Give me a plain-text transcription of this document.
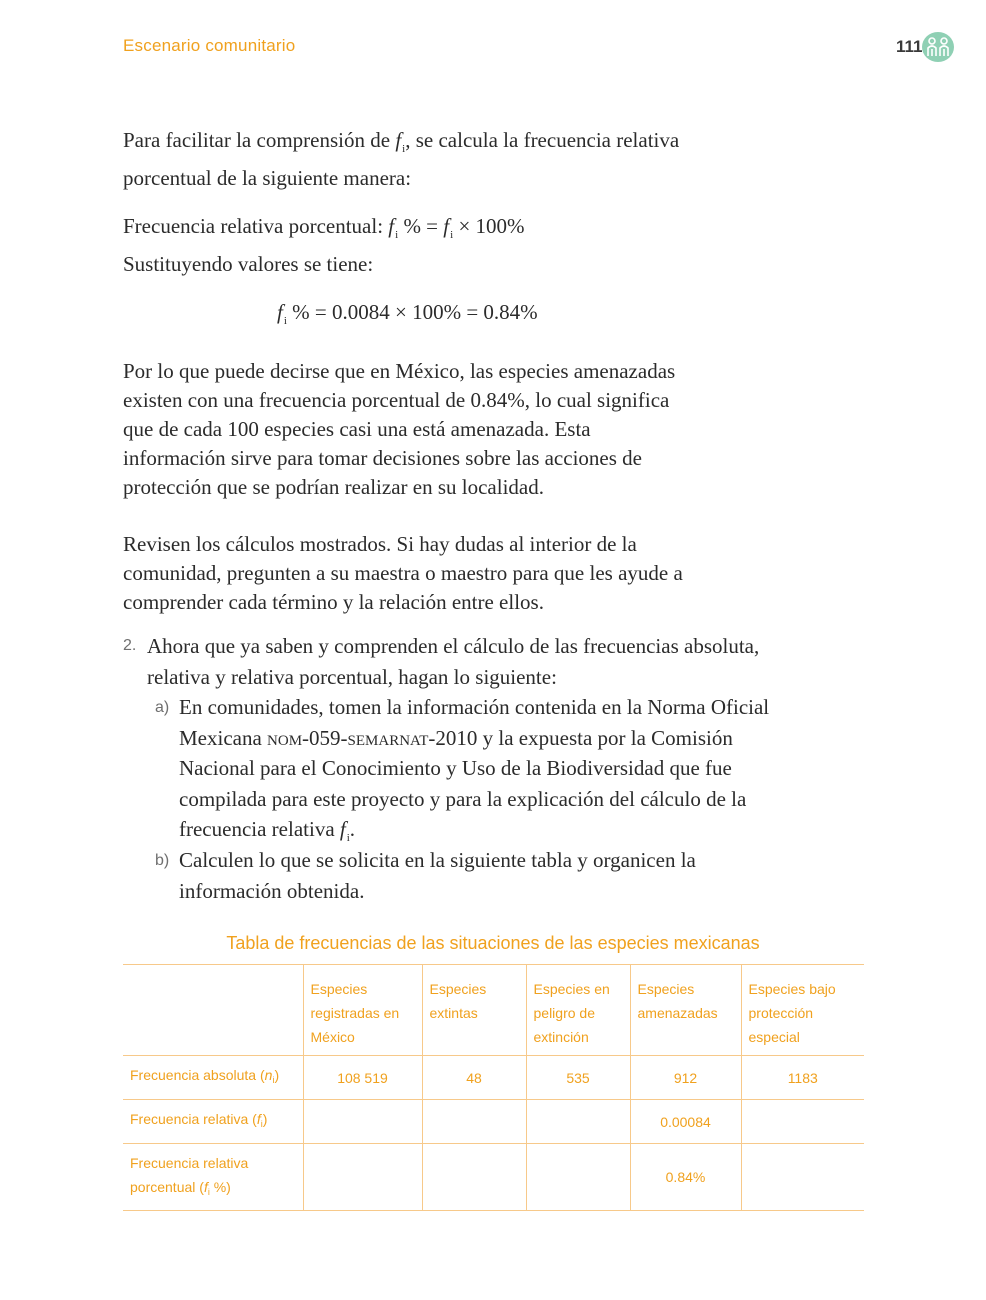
Escenario comunitario	111

Para facilitar la comprensión de $f_i$, se calcula la frecuencia relativa porcentual de la siguiente manera:

Frecuencia relativa porcentual: $f_i$ % = $f_i \times 100\%$
Sustituyendo valores se tiene:

$f_i$ % = 0.0084 × 100% = 0.84%

Por lo que puede decirse que en México, las especies amenazadas existen con una frecuencia porcentual de 0.84%, lo cual significa que de cada 100 especies casi una está amenazada. Esta información sirve para tomar decisiones sobre las acciones de protección que se podrían realizar en su localidad.

Revisen los cálculos mostrados. Si hay dudas al interior de la comunidad, pregunten a su maestra o maestro para que les ayude a comprender cada término y la relación entre ellos.

2. Ahora que ya saben y comprenden el cálculo de las frecuencias absoluta, relativa y relativa porcentual, hagan lo siguiente:

a) En comunidades, tomen la información contenida en la Norma Oficial Mexicana nom-059-semarnat-2010 y la expuesta por la Comisión Nacional para el Conocimiento y Uso de la Biodiversidad que fue compilada para este proyecto y para la explicación del cálculo de la frecuencia relativa $f_i$.

b) Calculen lo que se solicita en la siguiente tabla y organicen la información obtenida.

Tabla de frecuencias de las situaciones de las especies mexicanas
	Especies registradas en México	Especies extintas	Especies en peligro de extinción	Especies amenazadas	Especies bajo protección especial
Frecuencia absoluta $(n_i)$	108 519	48	535	912	1183
Frecuencia relativa $(f_i)$				0.00084	
Frecuencia relativa porcentual ($f_i$ %)				0.84%	
